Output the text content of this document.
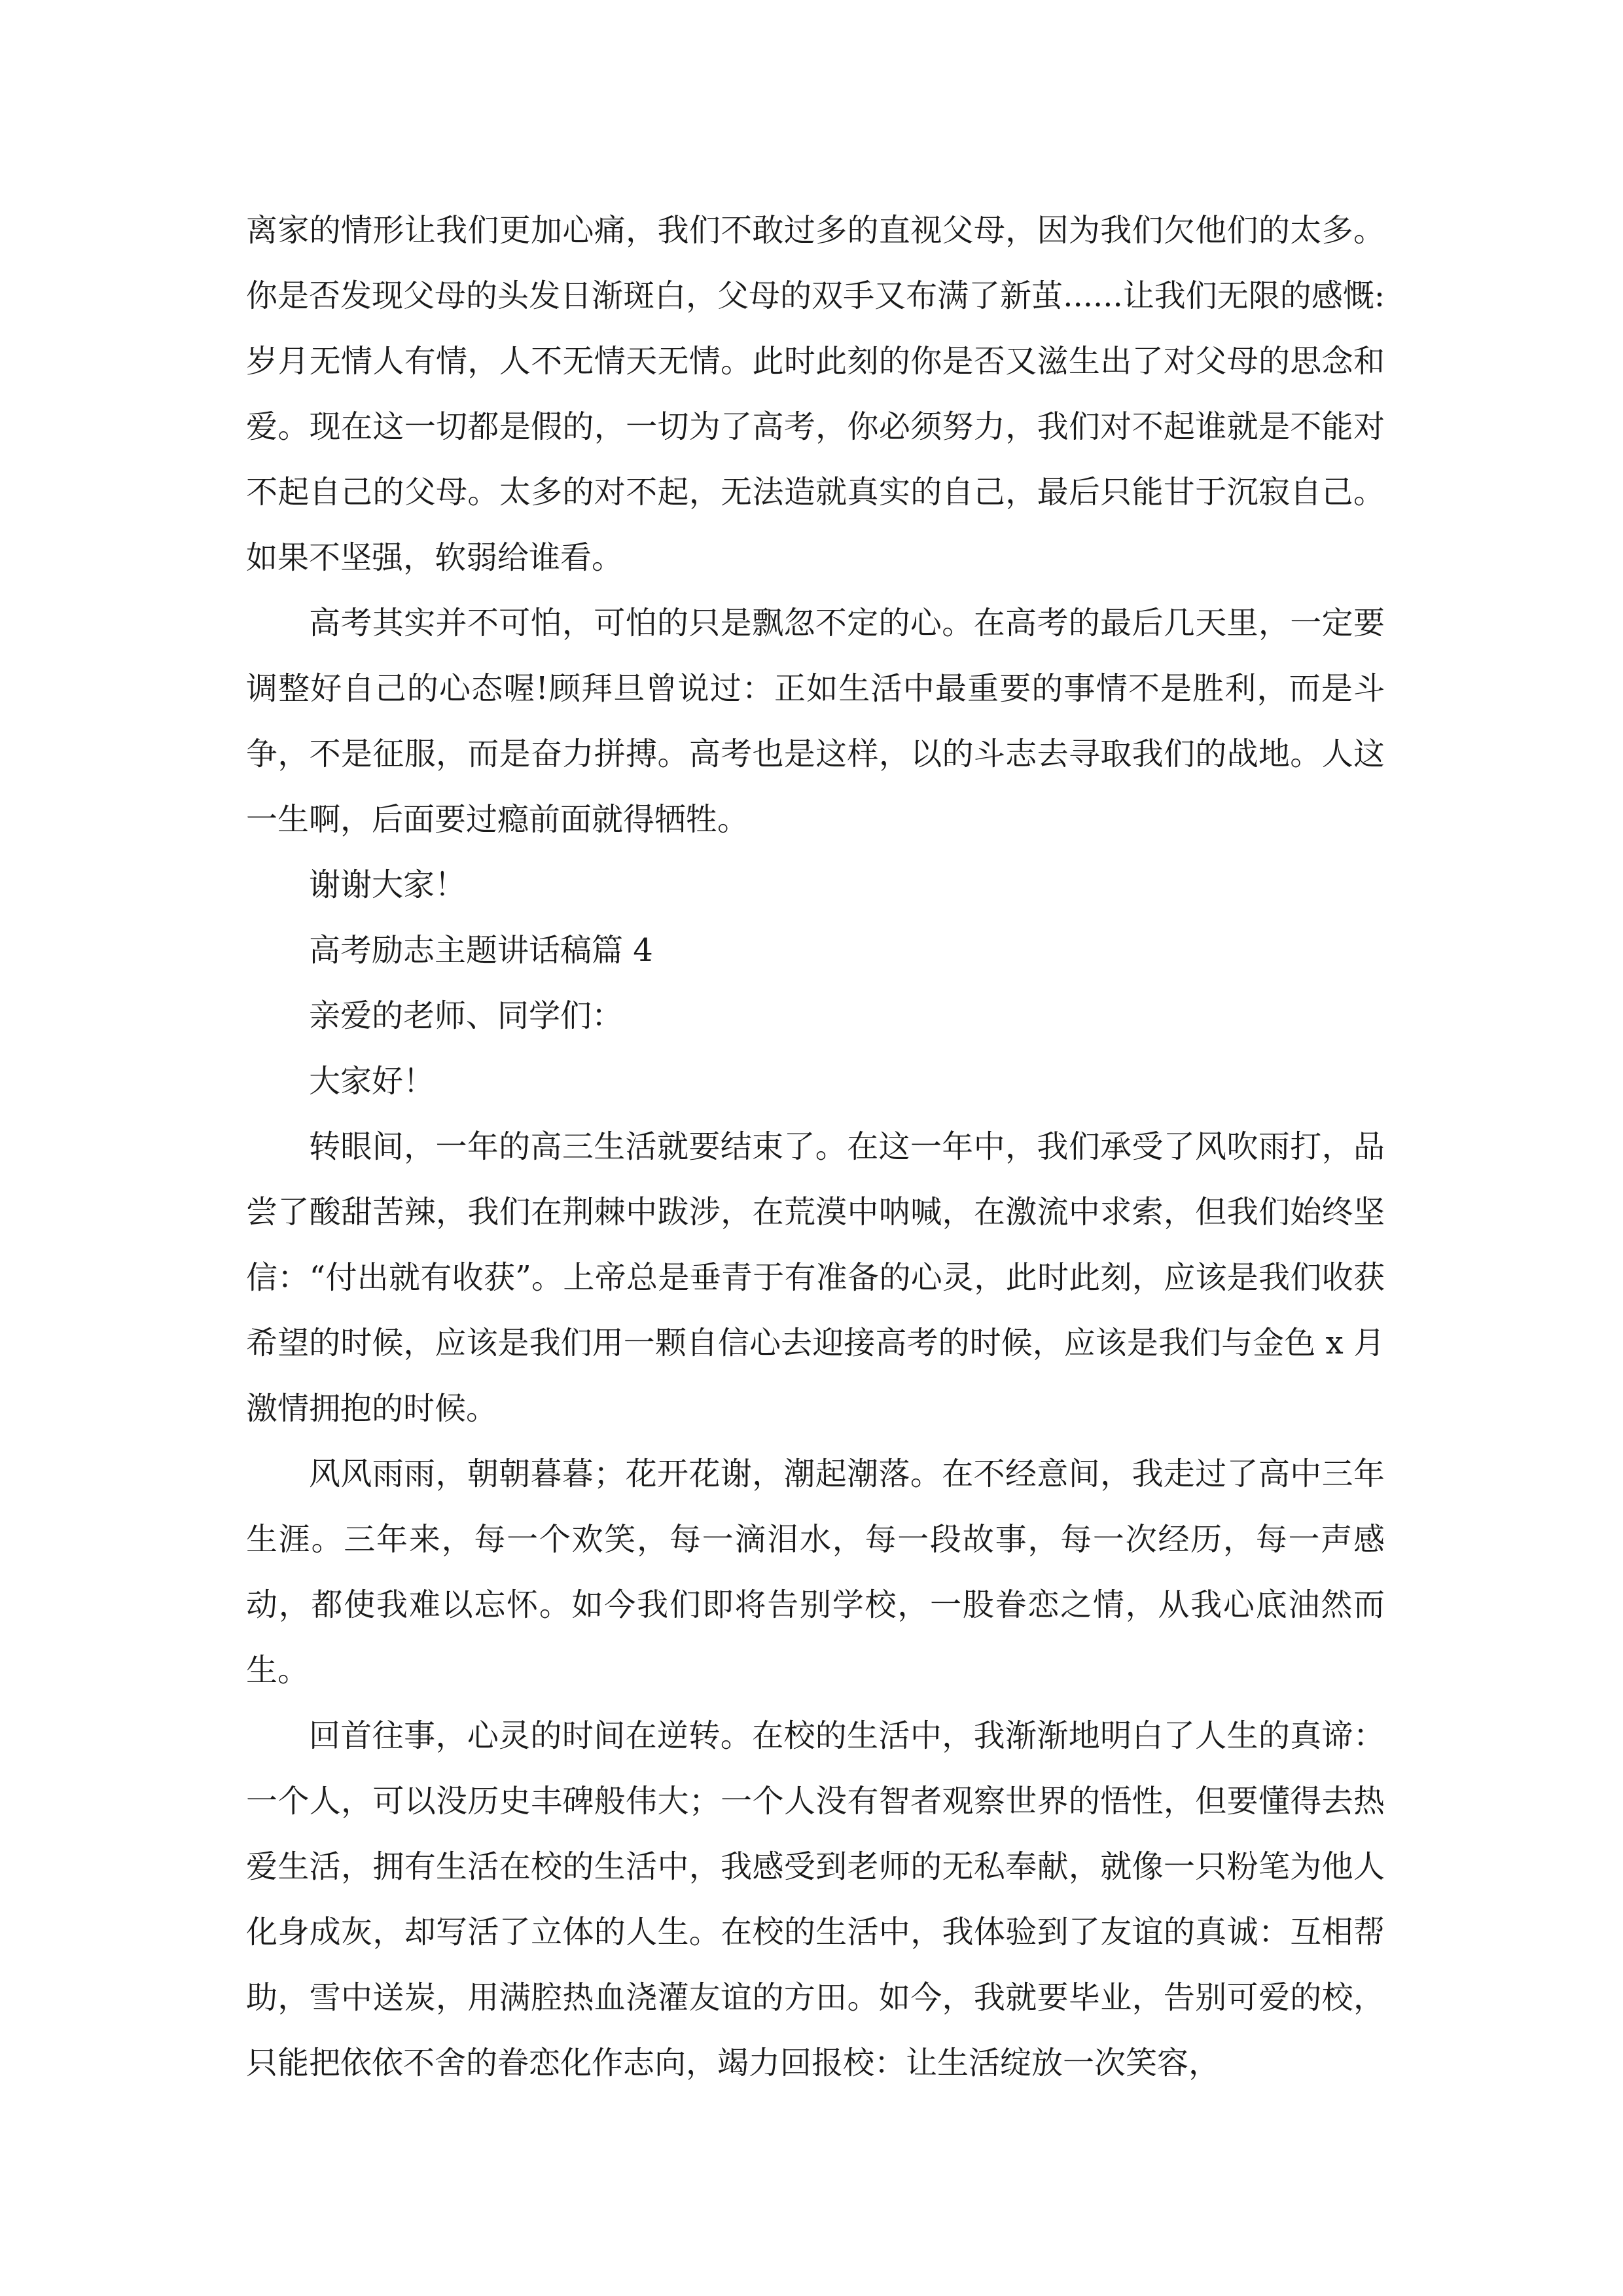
离家的情形让我们更加心痛，我们不敢过多的直视父母，因为我们欠他们的太多。你是否发现父母的头发日渐斑白，父母的双手又布满了新茧......让我们无限的感慨:岁月无情人有情，人不无情天无情。此时此刻的你是否又滋生出了对父母的思念和爱。现在这一切都是假的，一切为了高考，你必须努力，我们对不起谁就是不能对不起自己的父母。太多的对不起，无法造就真实的自己，最后只能甘于沉寂自己。如果不坚强，软弱给谁看。

高考其实并不可怕，可怕的只是飘忽不定的心。在高考的最后几天里，一定要调整好自己的心态喔!顾拜旦曾说过：正如生活中最重要的事情不是胜利，而是斗争，不是征服，而是奋力拼搏。高考也是这样，以的斗志去寻取我们的战地。人这一生啊，后面要过瘾前面就得牺牲。

谢谢大家！

高考励志主题讲话稿篇 4

亲爱的老师、同学们：

大家好！

转眼间，一年的高三生活就要结束了。在这一年中，我们承受了风吹雨打，品尝了酸甜苦辣，我们在荆棘中跋涉，在荒漠中呐喊，在激流中求索，但我们始终坚信：“付出就有收获”。上帝总是垂青于有准备的心灵，此时此刻，应该是我们收获希望的时候，应该是我们用一颗自信心去迎接高考的时候，应该是我们与金色 x 月激情拥抱的时候。

风风雨雨，朝朝暮暮；花开花谢，潮起潮落。在不经意间，我走过了高中三年生涯。三年来，每一个欢笑，每一滴泪水，每一段故事，每一次经历，每一声感动，都使我难以忘怀。如今我们即将告别学校，一股眷恋之情，从我心底油然而生。

回首往事，心灵的时间在逆转。在校的生活中，我渐渐地明白了人生的真谛：一个人，可以没历史丰碑般伟大；一个人没有智者观察世界的悟性，但要懂得去热爱生活，拥有生活在校的生活中，我感受到老师的无私奉献，就像一只粉笔为他人化身成灰，却写活了立体的人生。在校的生活中，我体验到了友谊的真诚：互相帮助，雪中送炭，用满腔热血浇灌友谊的方田。如今，我就要毕业，告别可爱的校，只能把依依不舍的眷恋化作志向，竭力回报校：让生活绽放一次笑容，
